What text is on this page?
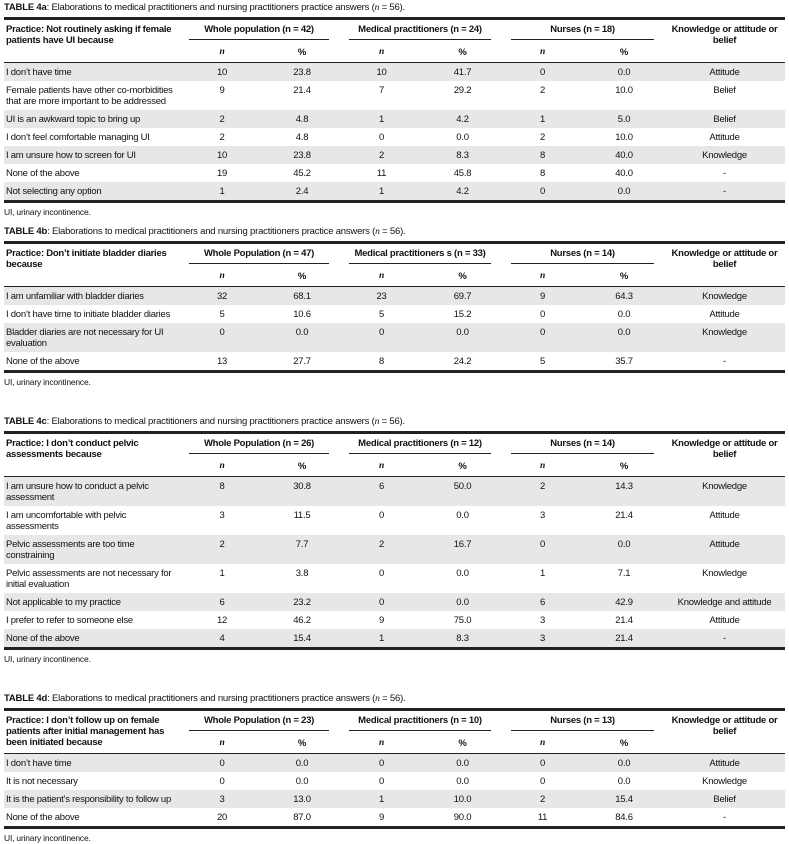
TABLE 4a: Elaborations to medical practitioners and nursing practitioners practice answers (n = 56).
Practice: Not routinely asking if female patients have UI because	Whole population (n = 42)		Medical practitioners (n = 24)		Nurses (n = 18)		Knowledge or attitude or belief
	n	%	n	%	n	%	
I don’t have time	10	23.8	10	41.7	0	0.0	Attitude
Female patients have other co-morbidities that are more important to be addressed	9	21.4	7	29.2	2	10.0	Belief
UI is an awkward topic to bring up	2	4.8	1	4.2	1	5.0	Belief
I don’t feel comfortable managing UI	2	4.8	0	0.0	2	10.0	Attitude
I am unsure how to screen for UI	10	23.8	2	8.3	8	40.0	Knowledge
None of the above	19	45.2	11	45.8	8	40.0	-
Not selecting any option	1	2.4	1	4.2	0	0.0	-
UI, urinary incontinence.
TABLE 4b: Elaborations to medical practitioners and nursing practitioners practice answers (n = 56).
Practice: Don’t initiate bladder diaries because	Whole Population (n = 47)		Medical practitioners s (n = 33)		Nurses (n = 14)		Knowledge or attitude or belief
	n	%	n	%	n	%	
I am unfamiliar with bladder diaries	32	68.1	23	69.7	9	64.3	Knowledge
I don’t have time to initiate bladder diaries	5	10.6	5	15.2	0	0.0	Attitude
Bladder diaries are not necessary for UI evaluation	0	0.0	0	0.0	0	0.0	Knowledge
None of the above	13	27.7	8	24.2	5	35.7	-
UI, urinary incontinence.
TABLE 4c: Elaborations to medical practitioners and nursing practitioners practice answers (n = 56).
Practice: I don’t conduct pelvic assessments because	Whole Population (n = 26)		Medical practitioners (n = 12)		Nurses (n = 14)		Knowledge or attitude or belief
	n	%	n	%	n	%	
I am unsure how to conduct a pelvic assessment	8	30.8	6	50.0	2	14.3	Knowledge
I am uncomfortable with pelvic assessments	3	11.5	0	0.0	3	21.4	Attitude
Pelvic assessments are too time constraining	2	7.7	2	16.7	0	0.0	Attitude
Pelvic assessments are not necessary for initial evaluation	1	3.8	0	0.0	1	7.1	Knowledge
Not applicable to my practice	6	23.2	0	0.0	6	42.9	Knowledge and attitude
I prefer to refer to someone else	12	46.2	9	75.0	3	21.4	Attitude
None of the above	4	15.4	1	8.3	3	21.4	-
UI, urinary incontinence.
TABLE 4d: Elaborations to medical practitioners and nursing practitioners practice answers (n = 56).
Practice: I don’t follow up on female patients after initial management has been initiated because	Whole Population (n = 23)		Medical practitioners (n = 10)		Nurses (n = 13)		Knowledge or attitude or belief
	n	%	n	%	n	%	
I don’t have time	0	0.0	0	0.0	0	0.0	Attitude
It is not necessary	0	0.0	0	0.0	0	0.0	Knowledge
It is the patient’s responsibility to follow up	3	13.0	1	10.0	2	15.4	Belief
None of the above	20	87.0	9	90.0	11	84.6	-
UI, urinary incontinence.
